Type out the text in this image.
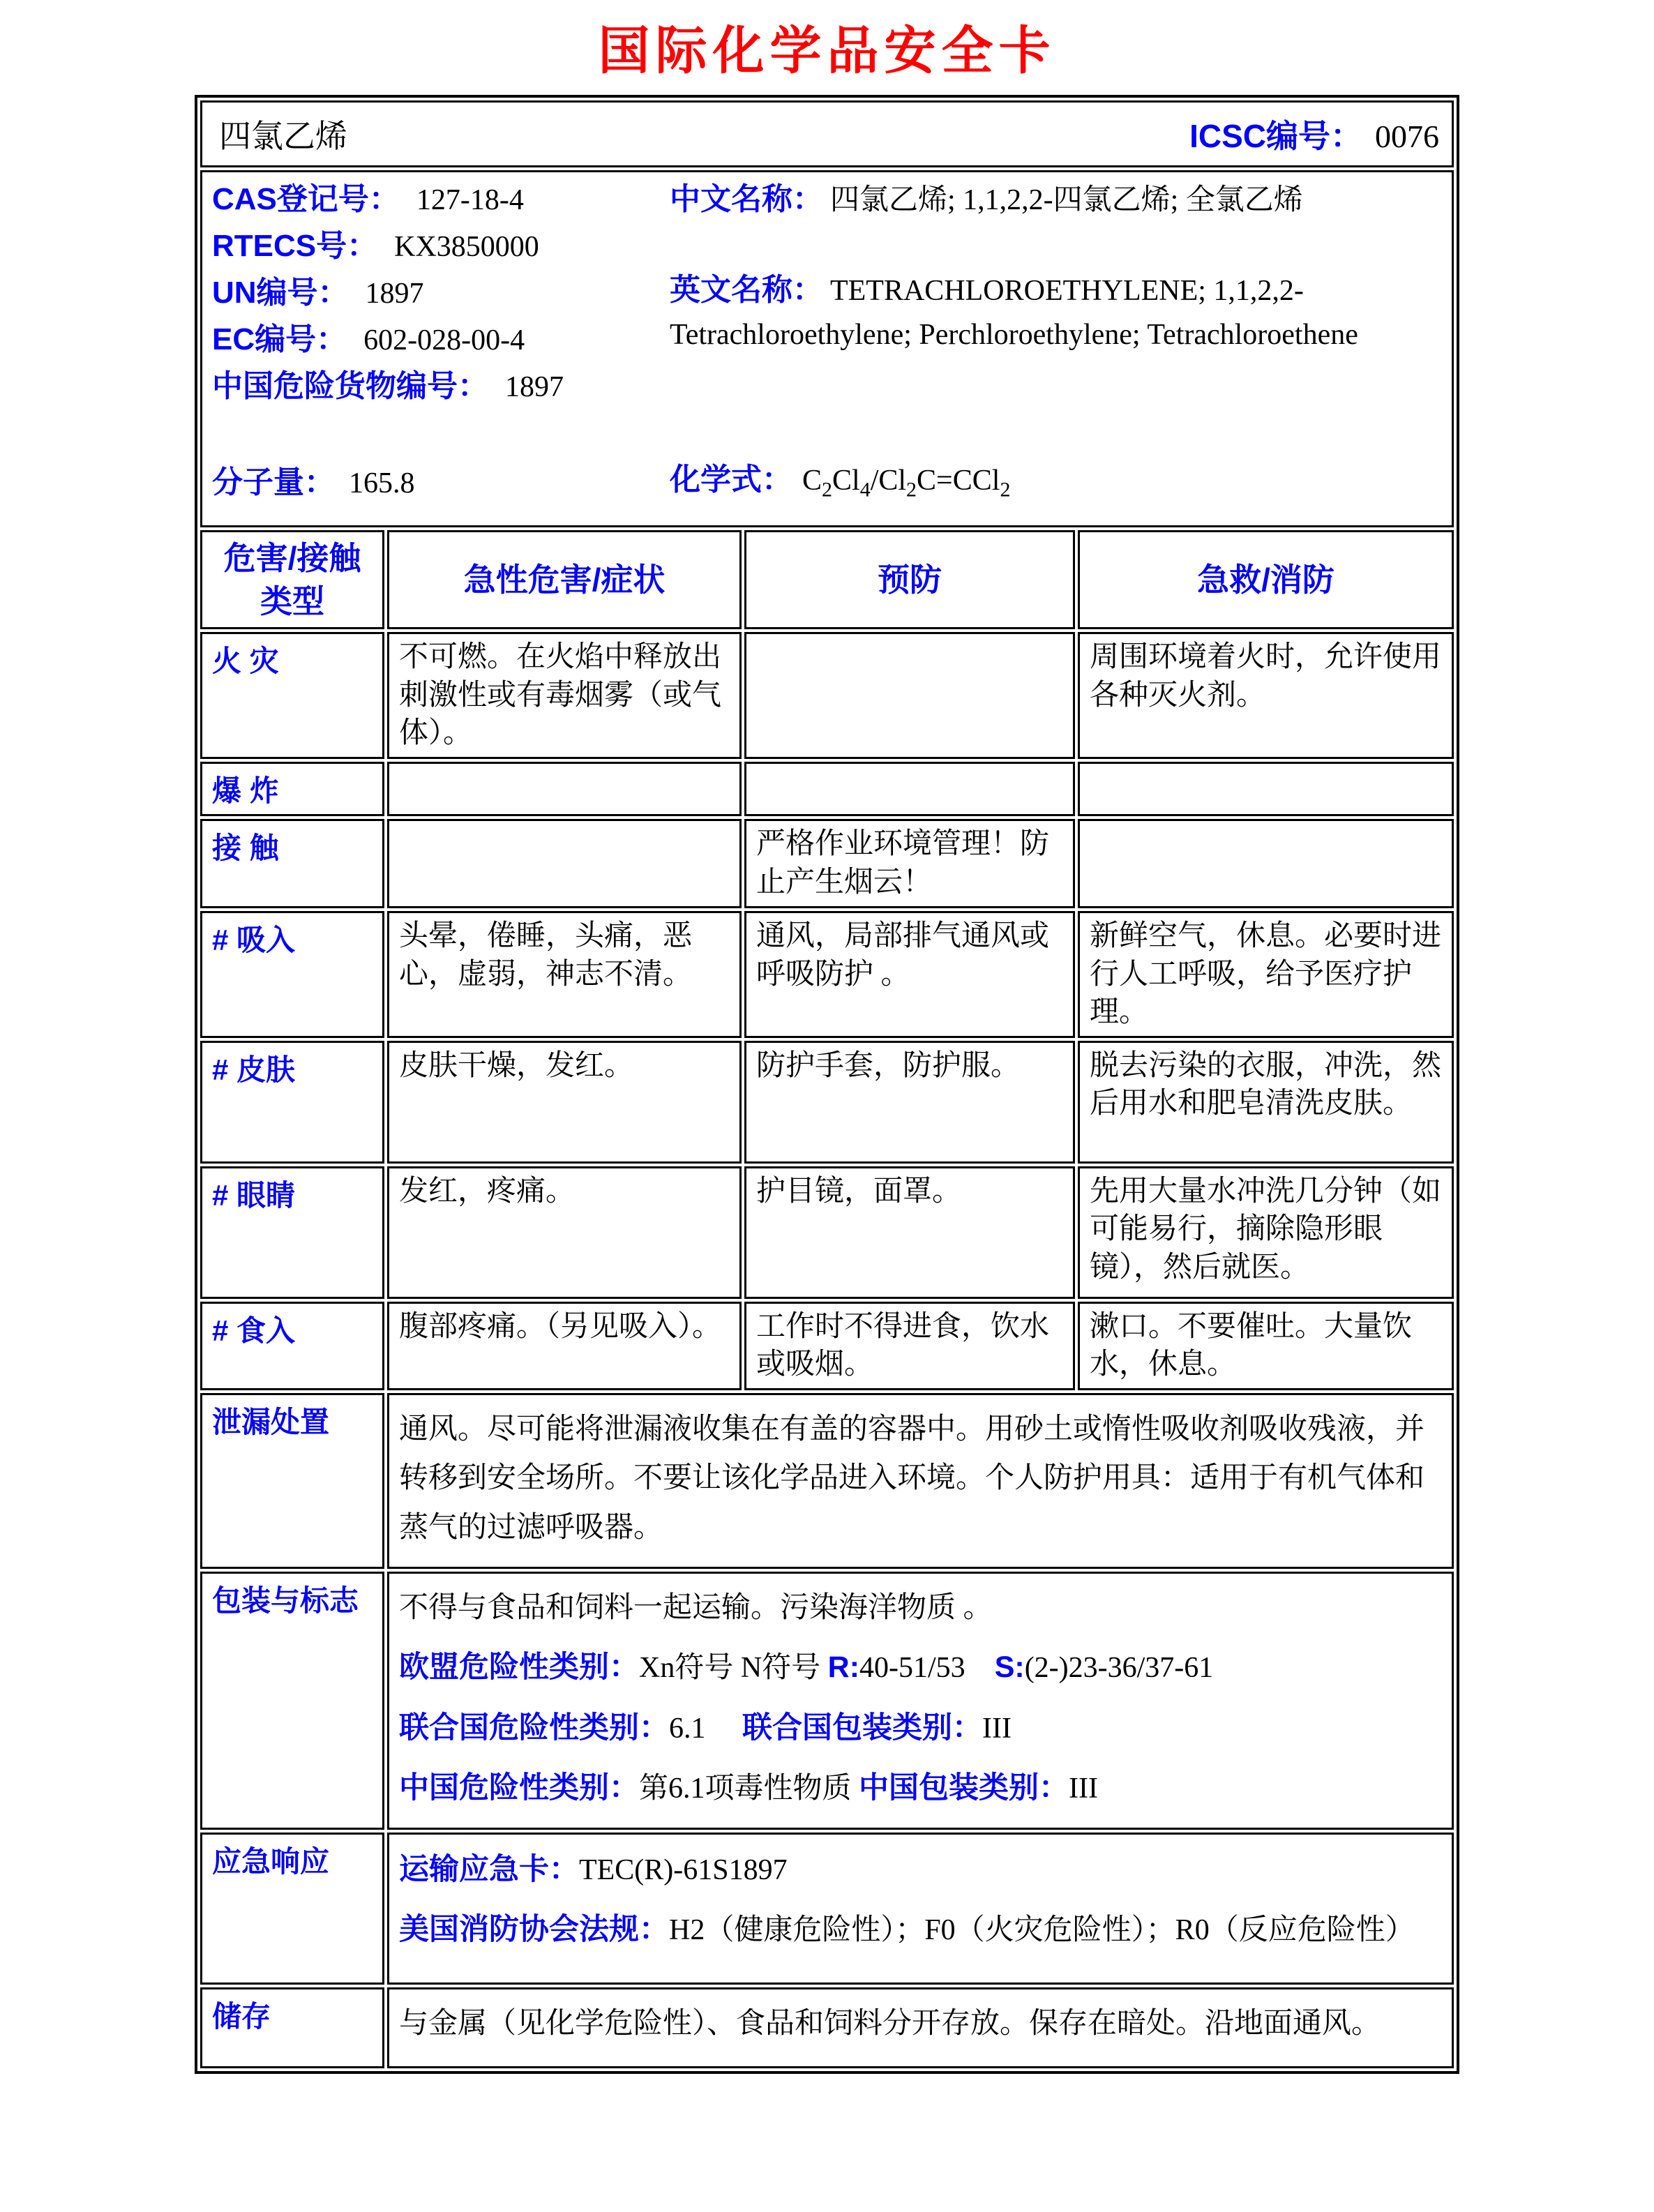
国际化学品安全卡
四氯乙烯 ICSC编号： 0076			

CAS登记号： 127-18-4
RTECS号： KX3850000
UN编号： 1897
EC编号： 602-028-00-4
中国危险货物编号： 1897
分子量： 165.8

中文名称： 四氯乙烯; 1,1,2,2-四氯乙烯; 全氯乙烯

英文名称： TETRACHLOROETHYLENE; 1,1,2,2-Tetrachloroethylene; Perchloroethylene; Tetrachloroethene

化学式： $C_2Cl_4/Cl_2C=CCl_2$

危害/接触类型	急性危害/症状	预防	急救/消防
火 灾	不可燃。在火焰中释放出刺激性或有毒烟雾（或气体）。		周围环境着火时，允许使用各种灭火剂。
爆 炸			
接 触		严格作业环境管理！防止产生烟云！	
# 吸入	头晕，倦睡，头痛，恶心，虚弱，神志不清。	通风，局部排气通风或呼吸防护 。	新鲜空气，休息。必要时进行人工呼吸，给予医疗护理。
# 皮肤	皮肤干燥，发红。	防护手套，防护服。	脱去污染的衣服，冲洗，然后用水和肥皂清洗皮肤。
# 眼睛	发红，疼痛。	护目镜，面罩。	先用大量水冲洗几分钟（如可能易行，摘除隐形眼镜），然后就医。
# 食入	腹部疼痛。（另见吸入）。	工作时不得进食，饮水或吸烟。	漱口。不要催吐。大量饮水，休息。
泄漏处置	通风。尽可能将泄漏液收集在有盖的容器中。用砂土或惰性吸收剂吸收残液，并转移到安全场所。不要让该化学品进入环境。个人防护用具：适用于有机气体和蒸气的过滤呼吸器。		

包装与标志	不得与食品和饲料一起运输。污染海洋物质 。

欧盟危险性类别：Xn符号 N符号 R:40-51/53    S:(2-)23-36/37-61

联合国危险性类别：6.1     联合国包装类别：III

中国危险性类别：第6.1项毒性物质 中国包装类别：III		

应急响应	运输应急卡：TEC(R)-61S1897

美国消防协会法规：H2（健康危险性）；F0（火灾危险性）；R0（反应危险性）		

储存	与金属（见化学危险性）、食品和饲料分开存放。保存在暗处。沿地面通风。		
